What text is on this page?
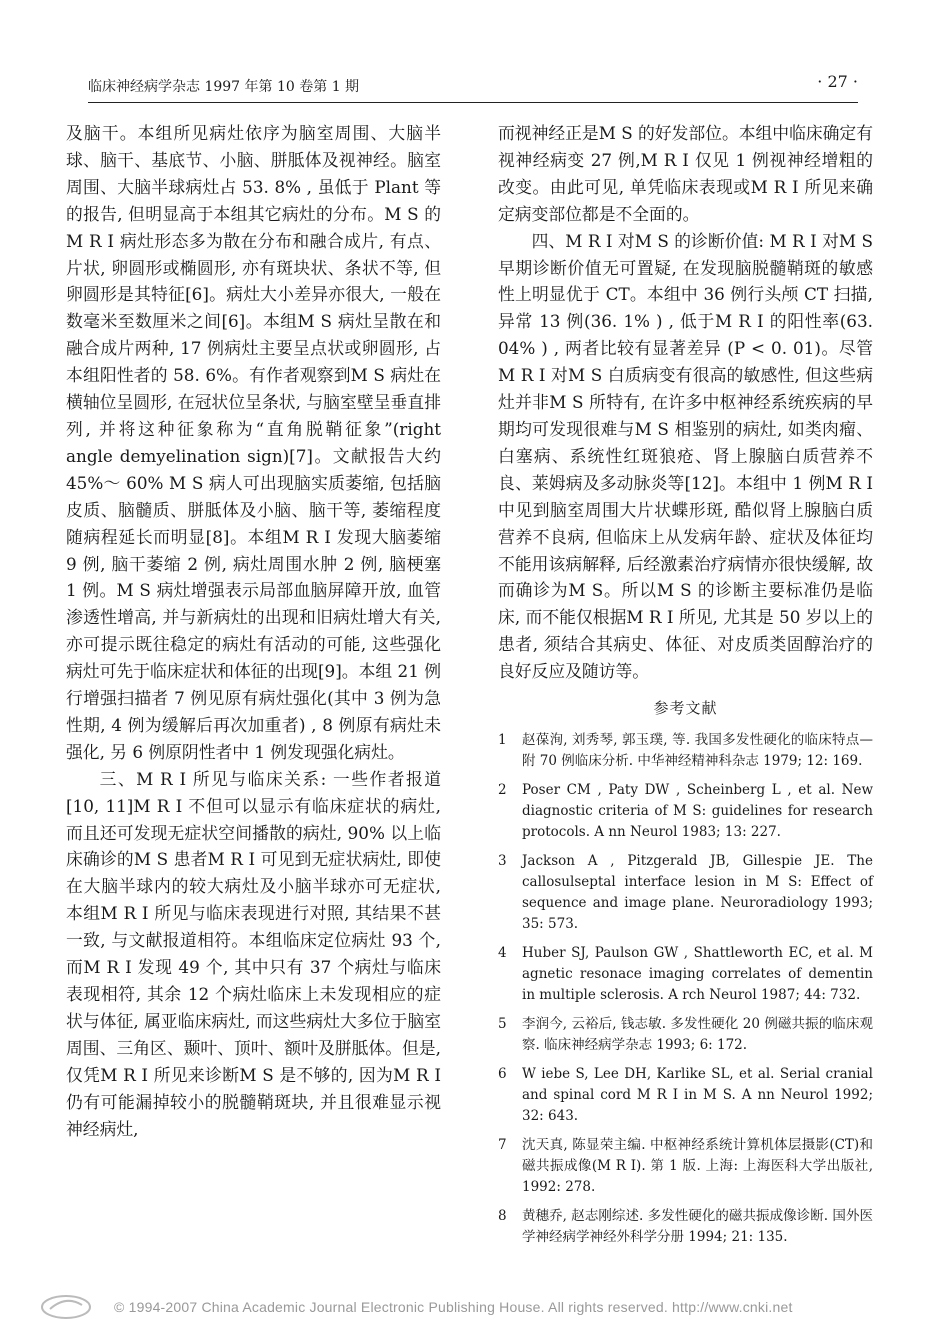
临床神经病学杂志 1997 年第 10 卷第 1 期	· 27 ·

及脑干。本组所见病灶依序为脑室周围、大脑半球、脑干、基底节、小脑、胼胝体及视神经。脑室周围、大脑半球病灶占 53. 8% , 虽低于 Plant 等的报告, 但明显高于本组其它病灶的分布。M S 的M R I 病灶形态多为散在分布和融合成片, 有点、片状, 卵圆形或椭圆形, 亦有斑块状、条状不等, 但卵圆形是其特征[6]。病灶大小差异亦很大, 一般在数毫米至数厘米之间[6]。本组M S 病灶呈散在和融合成片两种, 17 例病灶主要呈点状或卵圆形, 占本组阳性者的 58. 6%。有作者观察到M S 病灶在横轴位呈圆形, 在冠状位呈条状, 与脑室壁呈垂直排列, 并将这种征象称为“直角脱鞘征象”(right angle demyelination sign)[7]。文献报告大约 45%～ 60% M S 病人可出现脑实质萎缩, 包括脑皮质、脑髓质、胼胝体及小脑、脑干等, 萎缩程度随病程延长而明显[8]。本组M R I 发现大脑萎缩 9 例, 脑干萎缩 2 例, 病灶周围水肿 2 例, 脑梗塞 1 例。M S 病灶增强表示局部血脑屏障开放, 血管渗透性增高, 并与新病灶的出现和旧病灶增大有关, 亦可提示既往稳定的病灶有活动的可能, 这些强化病灶可先于临床症状和体征的出现[9]。本组 21 例行增强扫描者 7 例见原有病灶强化(其中 3 例为急性期, 4 例为缓解后再次加重者) , 8 例原有病灶未强化, 另 6 例原阴性者中 1 例发现强化病灶。

三、M R I 所见与临床关系: 一些作者报道[10, 11]M R I 不但可以显示有临床症状的病灶, 而且还可发现无症状空间播散的病灶, 90% 以上临床确诊的M S 患者M R I 可见到无症状病灶, 即使在大脑半球内的较大病灶及小脑半球亦可无症状, 本组M R I 所见与临床表现进行对照, 其结果不甚一致, 与文献报道相符。本组临床定位病灶 93 个, 而M R I 发现 49 个, 其中只有 37 个病灶与临床表现相符, 其余 12 个病灶临床上未发现相应的症状与体征, 属亚临床病灶, 而这些病灶大多位于脑室周围、三角区、颞叶、顶叶、额叶及胼胝体。但是, 仅凭M R I 所见来诊断M S 是不够的, 因为M R I 仍有可能漏掉较小的脱髓鞘斑块, 并且很难显示视神经病灶,

而视神经正是M S 的好发部位。本组中临床确定有视神经病变 27 例,M R I 仅见 1 例视神经增粗的改变。由此可见, 单凭临床表现或M R I 所见来确定病变部位都是不全面的。

四、M R I 对M S 的诊断价值: M R I 对M S 早期诊断价值无可置疑, 在发现脑脱髓鞘斑的敏感性上明显优于 CT。本组中 36 例行头颅 CT 扫描, 异常 13 例(36. 1% ) , 低于M R I 的阳性率(63. 04% ) , 两者比较有显著差异 (P < 0. 01)。尽管M R I 对M S 白质病变有很高的敏感性, 但这些病灶并非M S 所特有, 在许多中枢神经系统疾病的早期均可发现很难与M S 相鉴别的病灶, 如类肉瘤、白塞病、系统性红斑狼疮、肾上腺脑白质营养不良、莱姆病及多动脉炎等[12]。本组中 1 例M R I 中见到脑室周围大片状蝶形斑, 酷似肾上腺脑白质营养不良病, 但临床上从发病年龄、症状及体征均不能用该病解释, 后经激素治疗病情亦很快缓解, 故而确诊为M S。所以M S 的诊断主要标准仍是临床, 而不能仅根据M R I 所见, 尤其是 50 岁以上的患者, 须结合其病史、体征、对皮质类固醇治疗的良好反应及随访等。

参考文献
1	赵葆洵, 刘秀琴, 郭玉璞, 等. 我国多发性硬化的临床特点—附 70 例临床分析. 中华神经精神科杂志 1979; 12: 169.
2	Poser CM , Paty DW , Scheinberg L , et al. New diagnostic criteria of M S: guidelines for research protocols. A nn Neurol 1983; 13: 227.
3	Jackson A , Pitzgerald JB, Gillespie JE. The callosulseptal interface lesion in M S: Effect of sequence and image plane. Neuroradiology 1993; 35: 573.
4	Huber SJ, Paulson GW , Shattleworth EC, et al. M agnetic resonace imaging correlates of dementin in multiple sclerosis. A rch Neurol 1987; 44: 732.
5	李润今, 云裕后, 钱志敏. 多发性硬化 20 例磁共振的临床观察. 临床神经病学杂志 1993; 6: 172.
6	W iebe S, Lee DH, Karlike SL, et al. Serial cranial and spinal cord M R I in M S. A nn Neurol 1992; 32: 643.
7	沈天真, 陈显荣主编. 中枢神经系统计算机体层摄影(CT)和磁共振成像(M R I). 第 1 版. 上海: 上海医科大学出版社, 1992: 278.
8	黄穗乔, 赵志刚综述. 多发性硬化的磁共振成像诊断. 国外医学神经病学神经外科学分册 1994; 21: 135.
© 1994-2007 China Academic Journal Electronic Publishing House. All rights reserved. http://www.cnki.net
